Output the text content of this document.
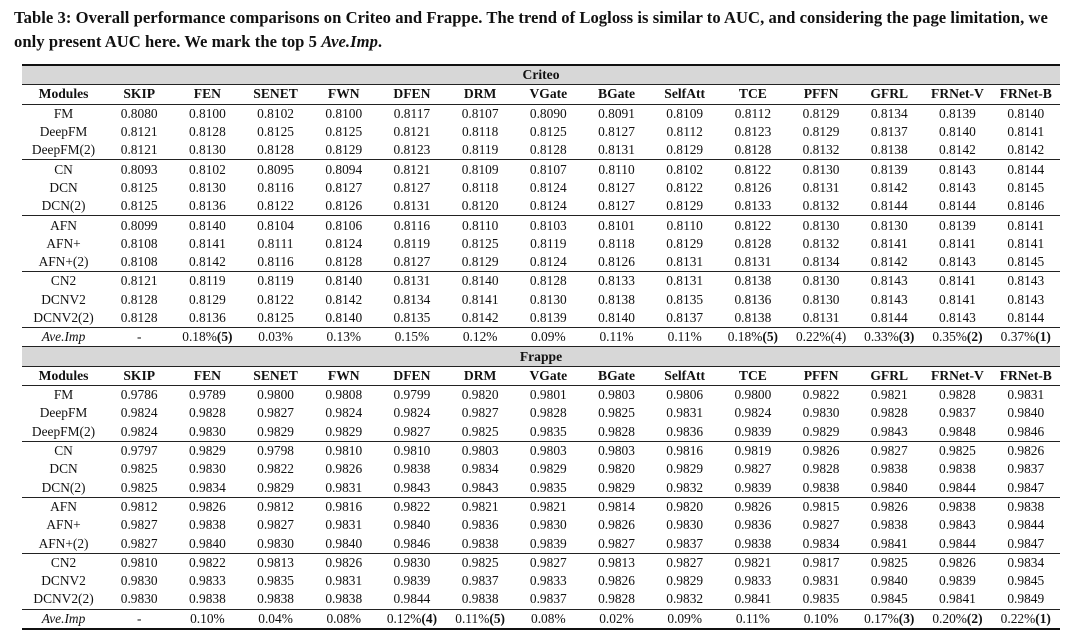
Table 3: Overall performance comparisons on Criteo and Frappe. The trend of Logloss is similar to AUC, and considering the page limitation, we only present AUC here. We mark the top 5 Ave.Imp.
Criteo														
Modules	SKIP	FEN	SENET	FWN	DFEN	DRM	VGate	BGate	SelfAtt	TCE	PFFN	GFRL	FRNet-V	FRNet-B
FM	0.8080	0.8100	0.8102	0.8100	0.8117	0.8107	0.8090	0.8091	0.8109	0.8112	0.8129	0.8134	0.8139	0.8140
DeepFM	0.8121	0.8128	0.8125	0.8125	0.8121	0.8118	0.8125	0.8127	0.8112	0.8123	0.8129	0.8137	0.8140	0.8141
DeepFM(2)	0.8121	0.8130	0.8128	0.8129	0.8123	0.8119	0.8128	0.8131	0.8129	0.8128	0.8132	0.8138	0.8142	0.8142
CN	0.8093	0.8102	0.8095	0.8094	0.8121	0.8109	0.8107	0.8110	0.8102	0.8122	0.8130	0.8139	0.8143	0.8144
DCN	0.8125	0.8130	0.8116	0.8127	0.8127	0.8118	0.8124	0.8127	0.8122	0.8126	0.8131	0.8142	0.8143	0.8145
DCN(2)	0.8125	0.8136	0.8122	0.8126	0.8131	0.8120	0.8124	0.8127	0.8129	0.8133	0.8132	0.8144	0.8144	0.8146
AFN	0.8099	0.8140	0.8104	0.8106	0.8116	0.8110	0.8103	0.8101	0.8110	0.8122	0.8130	0.8130	0.8139	0.8141
AFN+	0.8108	0.8141	0.8111	0.8124	0.8119	0.8125	0.8119	0.8118	0.8129	0.8128	0.8132	0.8141	0.8141	0.8141
AFN+(2)	0.8108	0.8142	0.8116	0.8128	0.8127	0.8129	0.8124	0.8126	0.8131	0.8131	0.8134	0.8142	0.8143	0.8145
CN2	0.8121	0.8119	0.8119	0.8140	0.8131	0.8140	0.8128	0.8133	0.8131	0.8138	0.8130	0.8143	0.8141	0.8143
DCNV2	0.8128	0.8129	0.8122	0.8142	0.8134	0.8141	0.8130	0.8138	0.8135	0.8136	0.8130	0.8143	0.8141	0.8143
DCNV2(2)	0.8128	0.8136	0.8125	0.8140	0.8135	0.8142	0.8139	0.8140	0.8137	0.8138	0.8131	0.8144	0.8143	0.8144
Ave.Imp	-	0.18%(5)	0.03%	0.13%	0.15%	0.12%	0.09%	0.11%	0.11%	0.18%(5)	0.22%(4)	0.33%(3)	0.35%(2)	0.37%(1)
Frappe														
Modules	SKIP	FEN	SENET	FWN	DFEN	DRM	VGate	BGate	SelfAtt	TCE	PFFN	GFRL	FRNet-V	FRNet-B
FM	0.9786	0.9789	0.9800	0.9808	0.9799	0.9820	0.9801	0.9803	0.9806	0.9800	0.9822	0.9821	0.9828	0.9831
DeepFM	0.9824	0.9828	0.9827	0.9824	0.9824	0.9827	0.9828	0.9825	0.9831	0.9824	0.9830	0.9828	0.9837	0.9840
DeepFM(2)	0.9824	0.9830	0.9829	0.9829	0.9827	0.9825	0.9835	0.9828	0.9836	0.9839	0.9829	0.9843	0.9848	0.9846
CN	0.9797	0.9829	0.9798	0.9810	0.9810	0.9803	0.9803	0.9803	0.9816	0.9819	0.9826	0.9827	0.9825	0.9826
DCN	0.9825	0.9830	0.9822	0.9826	0.9838	0.9834	0.9829	0.9820	0.9829	0.9827	0.9828	0.9838	0.9838	0.9837
DCN(2)	0.9825	0.9834	0.9829	0.9831	0.9843	0.9843	0.9835	0.9829	0.9832	0.9839	0.9838	0.9840	0.9844	0.9847
AFN	0.9812	0.9826	0.9812	0.9816	0.9822	0.9821	0.9821	0.9814	0.9820	0.9826	0.9815	0.9826	0.9838	0.9838
AFN+	0.9827	0.9838	0.9827	0.9831	0.9840	0.9836	0.9830	0.9826	0.9830	0.9836	0.9827	0.9838	0.9843	0.9844
AFN+(2)	0.9827	0.9840	0.9830	0.9840	0.9846	0.9838	0.9839	0.9827	0.9837	0.9838	0.9834	0.9841	0.9844	0.9847
CN2	0.9810	0.9822	0.9813	0.9826	0.9830	0.9825	0.9827	0.9813	0.9827	0.9821	0.9817	0.9825	0.9826	0.9834
DCNV2	0.9830	0.9833	0.9835	0.9831	0.9839	0.9837	0.9833	0.9826	0.9829	0.9833	0.9831	0.9840	0.9839	0.9845
DCNV2(2)	0.9830	0.9838	0.9838	0.9838	0.9844	0.9838	0.9837	0.9828	0.9832	0.9841	0.9835	0.9845	0.9841	0.9849
Ave.Imp	-	0.10%	0.04%	0.08%	0.12%(4)	0.11%(5)	0.08%	0.02%	0.09%	0.11%	0.10%	0.17%(3)	0.20%(2)	0.22%(1)
